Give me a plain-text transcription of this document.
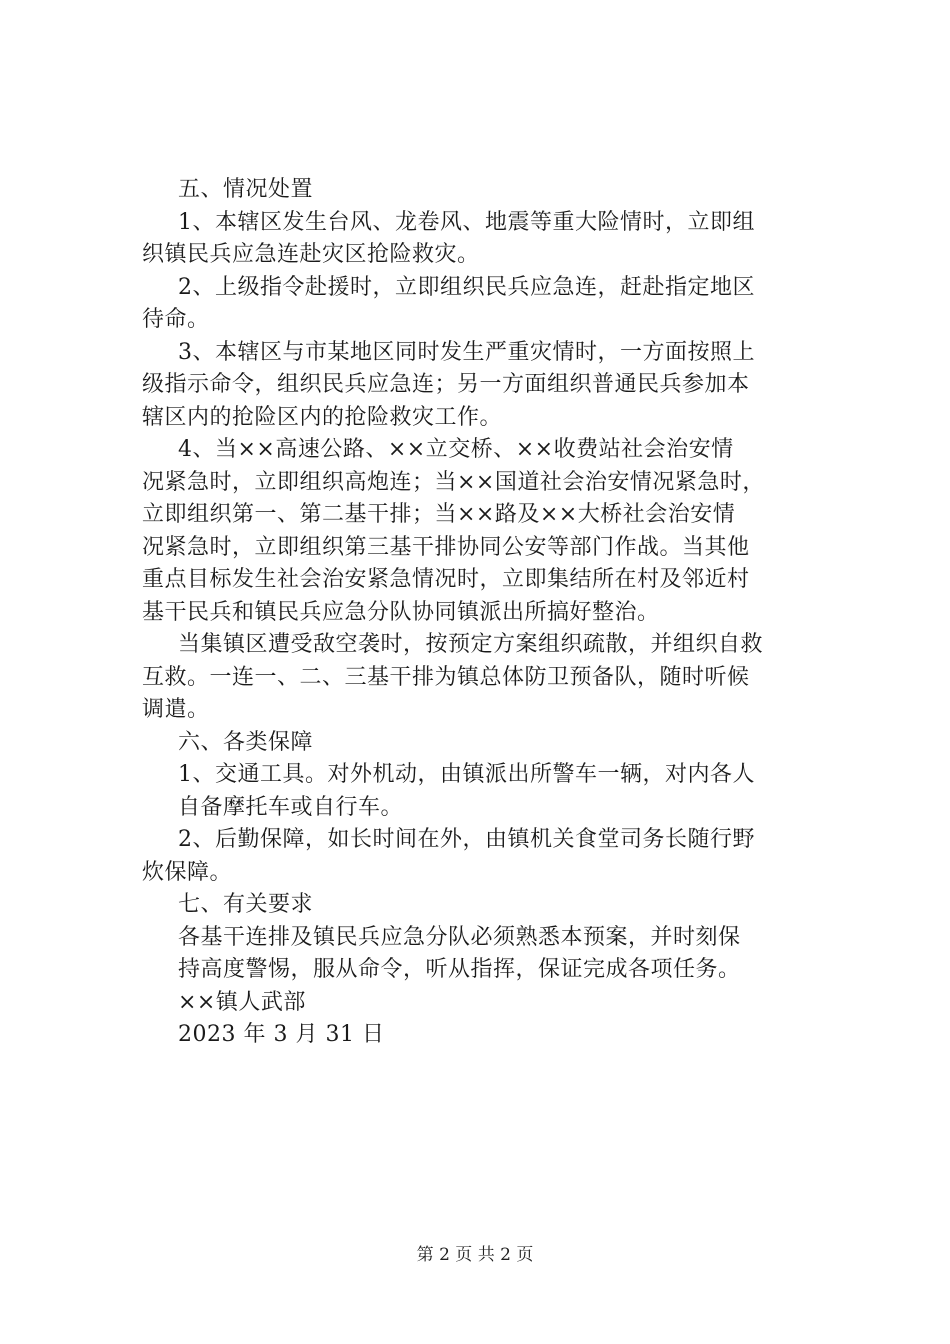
五、情况处置
1、本辖区发生台风、龙卷风、地震等重大险情时，立即组
织镇民兵应急连赴灾区抢险救灾。
2、上级指令赴援时，立即组织民兵应急连，赶赴指定地区
待命。
3、本辖区与市某地区同时发生严重灾情时，一方面按照上
级指示命令，组织民兵应急连；另一方面组织普通民兵参加本
辖区内的抢险区内的抢险救灾工作。
4、当××高速公路、××立交桥、××收费站社会治安情
况紧急时，立即组织高炮连；当××国道社会治安情况紧急时，
立即组织第一、第二基干排；当××路及××大桥社会治安情
况紧急时，立即组织第三基干排协同公安等部门作战。当其他
重点目标发生社会治安紧急情况时，立即集结所在村及邻近村
基干民兵和镇民兵应急分队协同镇派出所搞好整治。
当集镇区遭受敌空袭时，按预定方案组织疏散，并组织自救
互救。一连一、二、三基干排为镇总体防卫预备队，随时听候
调遣。
六、各类保障
1、交通工具。对外机动，由镇派出所警车一辆，对内各人
自备摩托车或自行车。
2、后勤保障，如长时间在外，由镇机关食堂司务长随行野
炊保障。
七、有关要求
各基干连排及镇民兵应急分队必须熟悉本预案，并时刻保
持高度警惕，服从命令，听从指挥，保证完成各项任务。
××镇人武部
2023 年 3 月 31 日
第 2 页 共 2 页
